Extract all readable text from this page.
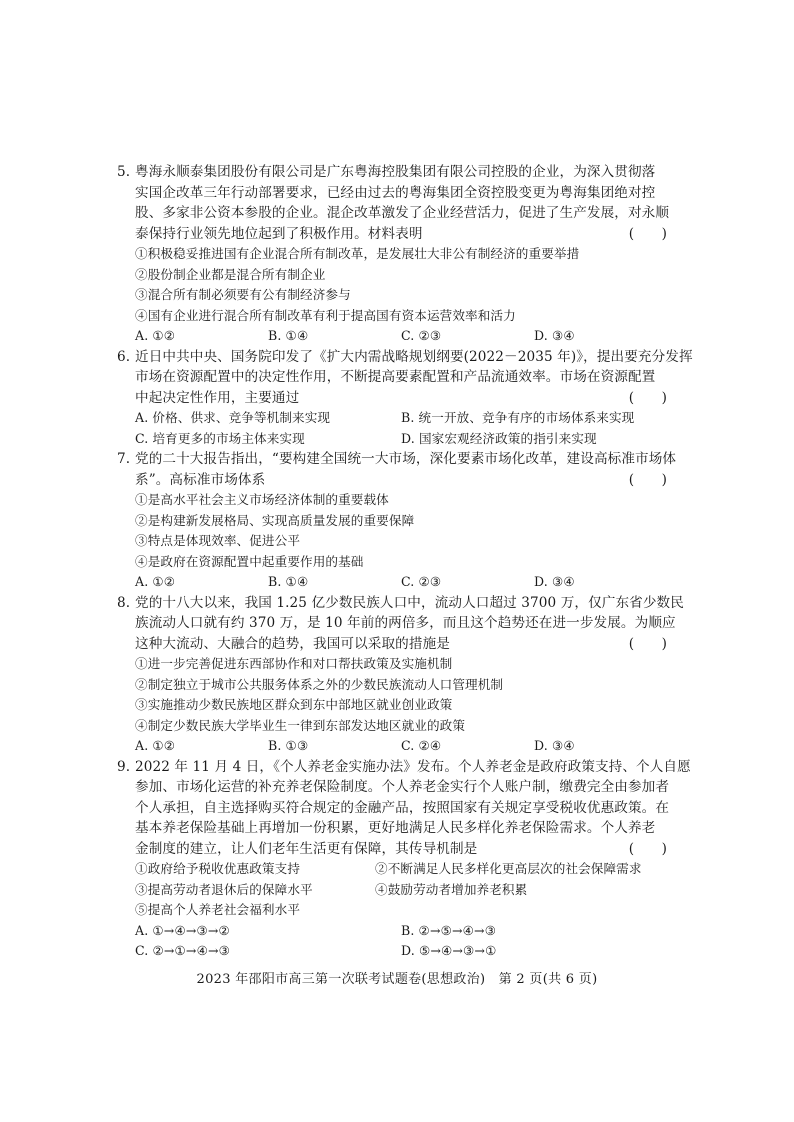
5. 粤海永顺泰集团股份有限公司是广东粤海控股集团有限公司控股的企业，为深入贯彻落
实国企改革三年行动部署要求，已经由过去的粤海集团全资控股变更为粤海集团绝对控
股、多家非公资本参股的企业。混企改革激发了企业经营活力，促进了生产发展，对永顺
泰保持行业领先地位起到了积极作用。材料表明	(　　)
①积极稳妥推进国有企业混合所有制改革，是发展壮大非公有制经济的重要举措
②股份制企业都是混合所有制企业
③混合所有制必须要有公有制经济参与
④国有企业进行混合所有制改革有利于提高国有资本运营效率和活力
A. ①②	B. ①④	C. ②③	D. ③④
6. 近日中共中央、国务院印发了《扩大内需战略规划纲要(2022－2035 年)》，提出要充分发挥
市场在资源配置中的决定性作用，不断提高要素配置和产品流通效率。市场在资源配置
中起决定性作用，主要通过	(　　)
A. 价格、供求、竞争等机制来实现	B. 统一开放、竞争有序的市场体系来实现
C. 培育更多的市场主体来实现	D. 国家宏观经济政策的指引来实现
7. 党的二十大报告指出，“要构建全国统一大市场，深化要素市场化改革，建设高标准市场体
系”。高标准市场体系	(　　)
①是高水平社会主义市场经济体制的重要载体
②是构建新发展格局、实现高质量发展的重要保障
③特点是体现效率、促进公平
④是政府在资源配置中起重要作用的基础
A. ①②	B. ①④	C. ②③	D. ③④
8. 党的十八大以来，我国 1.25 亿少数民族人口中，流动人口超过 3700 万，仅广东省少数民
族流动人口就有约 370 万，是 10 年前的两倍多，而且这个趋势还在进一步发展。为顺应
这种大流动、大融合的趋势，我国可以采取的措施是	(　　)
①进一步完善促进东西部协作和对口帮扶政策及实施机制
②制定独立于城市公共服务体系之外的少数民族流动人口管理机制
③实施推动少数民族地区群众到东中部地区就业创业政策
④制定少数民族大学毕业生一律到东部发达地区就业的政策
A. ①②	B. ①③	C. ②④	D. ③④
9. 2022 年 11 月 4 日，《个人养老金实施办法》发布。个人养老金是政府政策支持、个人自愿
参加、市场化运营的补充养老保险制度。个人养老金实行个人账户制，缴费完全由参加者
个人承担，自主选择购买符合规定的金融产品，按照国家有关规定享受税收优惠政策。在
基本养老保险基础上再增加一份积累，更好地满足人民多样化养老保险需求。个人养老
金制度的建立，让人们老年生活更有保障，其传导机制是	(　　)
①政府给予税收优惠政策支持	②不断满足人民多样化更高层次的社会保障需求
③提高劳动者退休后的保障水平	④鼓励劳动者增加养老积累
⑤提高个人养老社会福利水平
A. ①→④→③→②	B. ②→⑤→④→③
C. ②→①→④→③	D. ⑤→④→③→①
2023 年邵阳市高三第一次联考试题卷(思想政治)　第 2 页(共 6 页)
